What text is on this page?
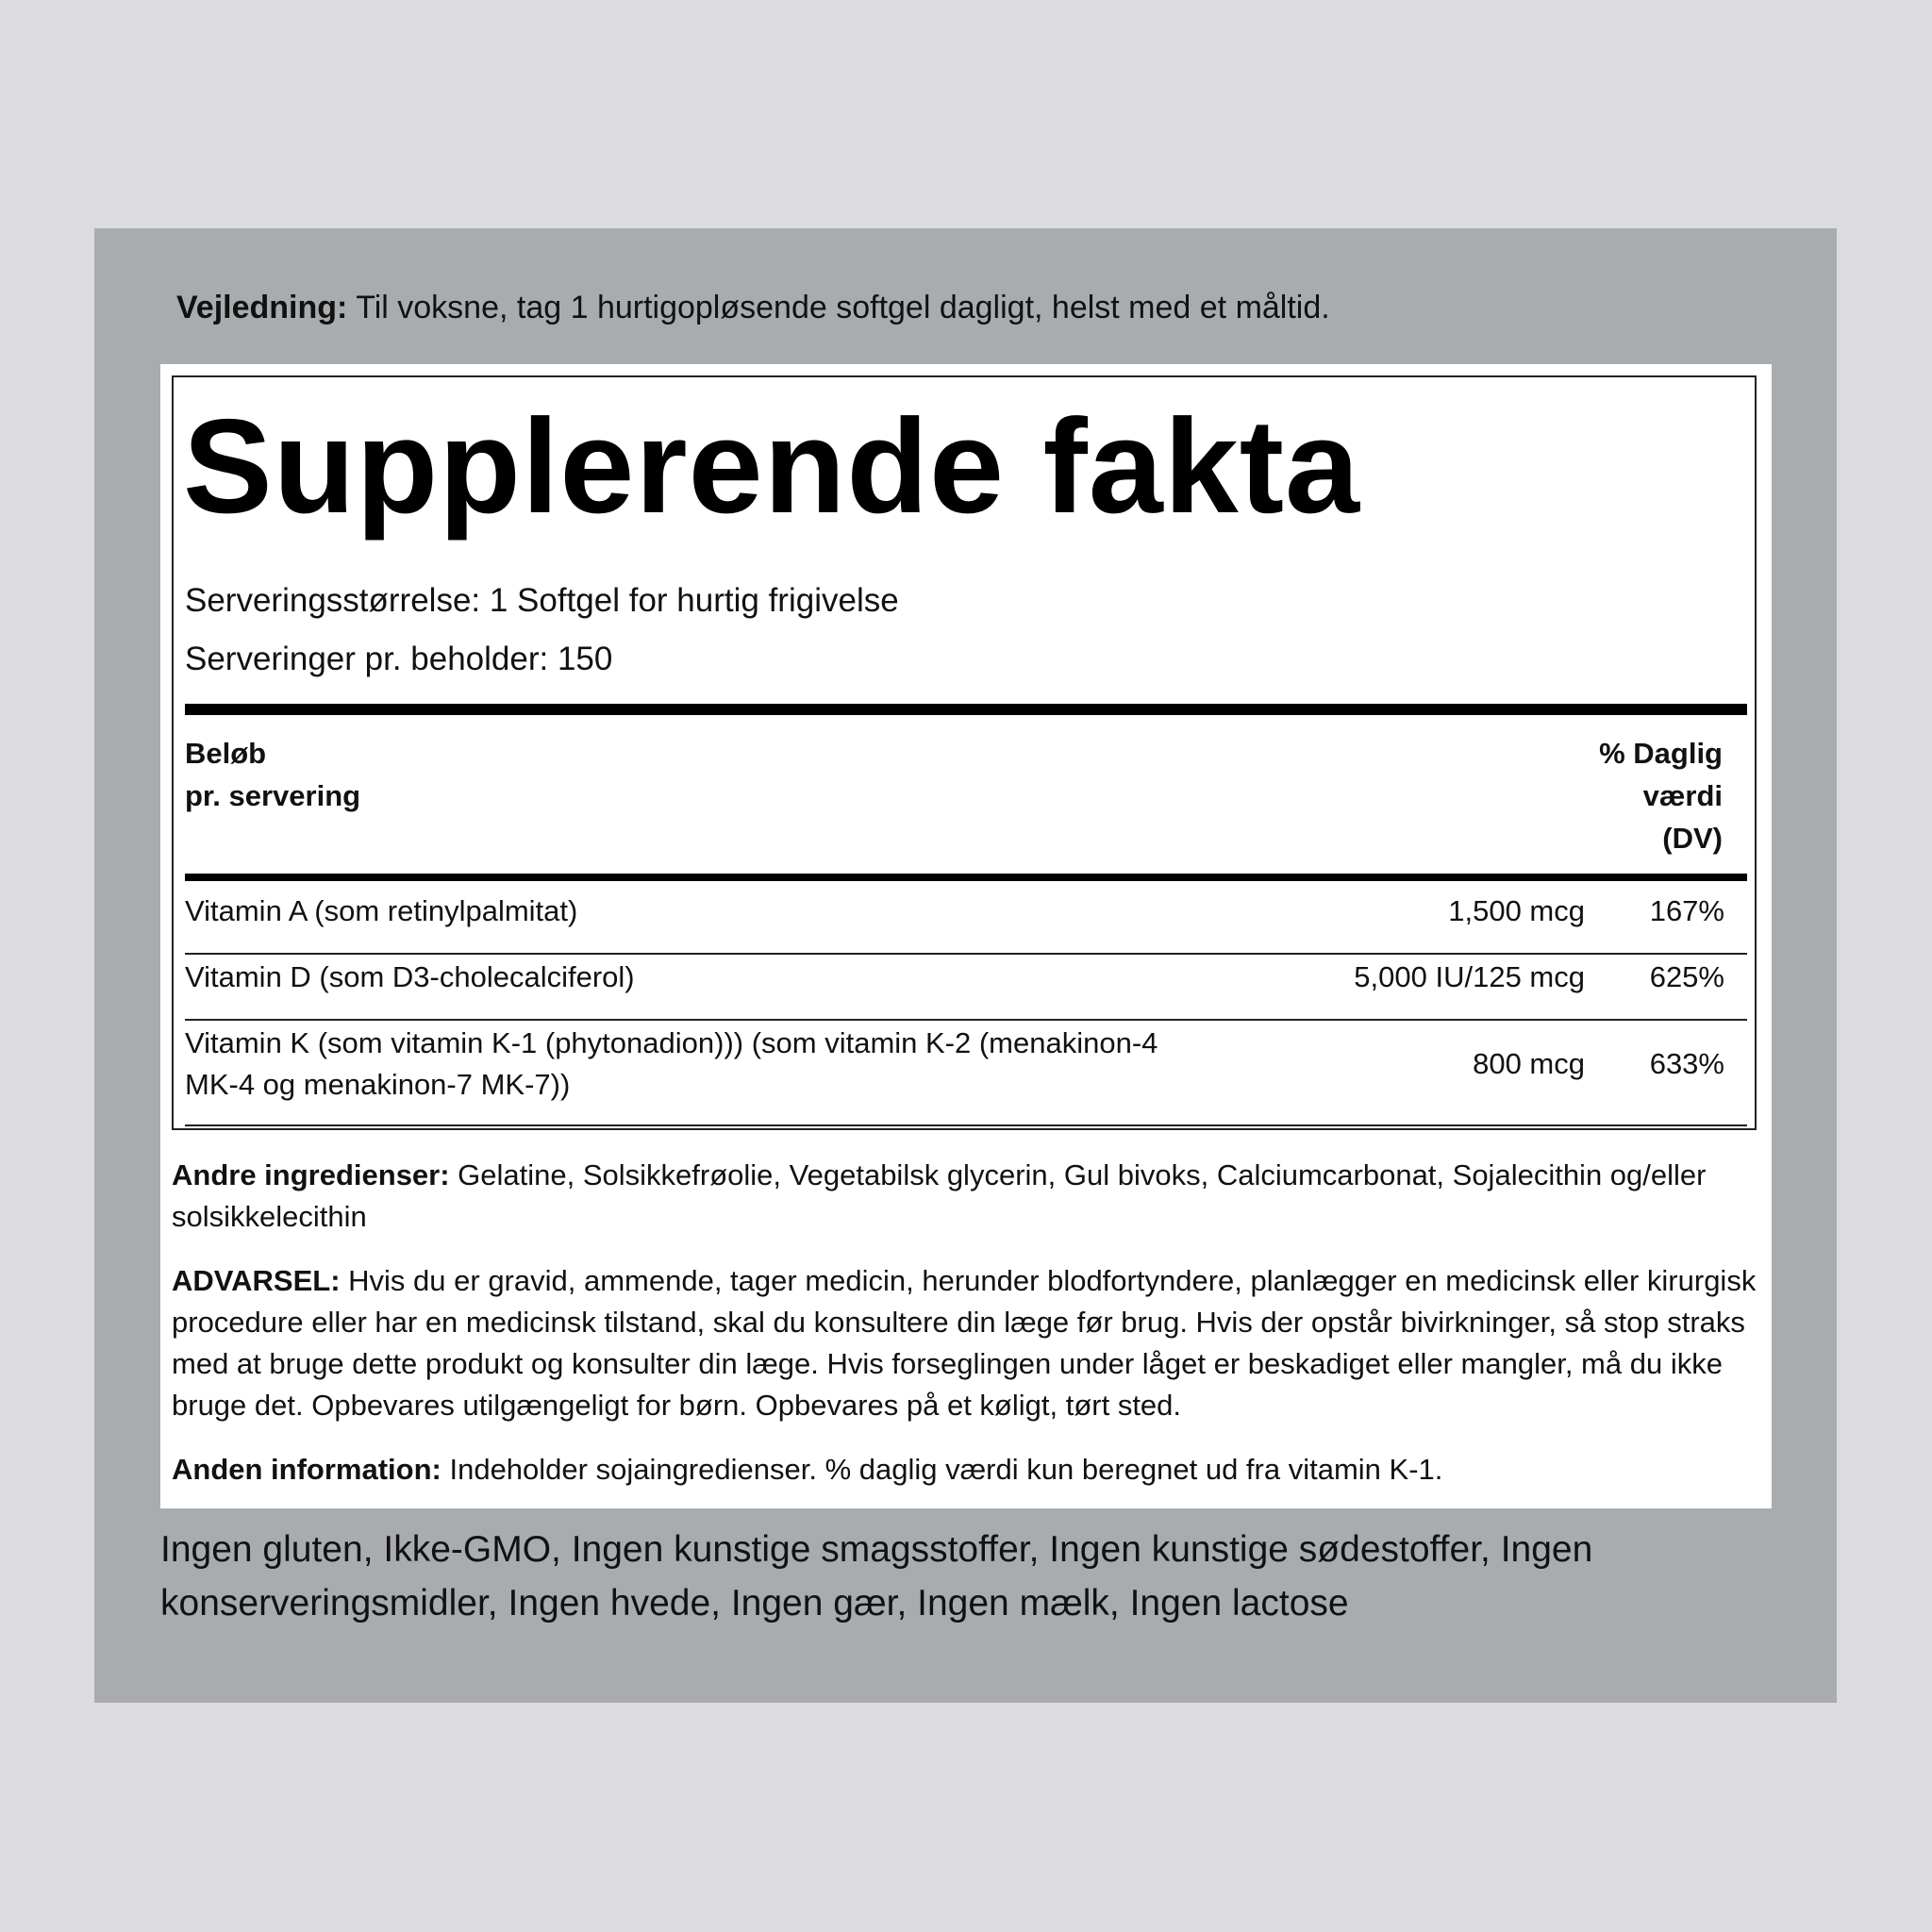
Vejledning: Til voksne, tag 1 hurtigopløsende softgel dagligt, helst med et måltid.
Supplerende fakta
Serveringsstørrelse: 1 Softgel for hurtig frigivelse
Serveringer pr. beholder: 150
Beløb
pr. servering
% Daglig
værdi
(DV)
Vitamin A (som retinylpalmitat)	1,500 mcg 167%
Vitamin D (som D3-cholecalciferol)	5,000 IU/125 mcg 625%
Vitamin K (som vitamin K-1 (phytonadion))) (som vitamin K-2 (menakinon-4
MK-4 og menakinon-7 MK-7))
800 mcg 633%
Andre ingredienser: Gelatine, Solsikkefrøolie, Vegetabilsk glycerin, Gul bivoks, Calciumcarbonat, Sojalecithin og/eller solsikkelecithin
ADVARSEL: Hvis du er gravid, ammende, tager medicin, herunder blodfortyndere, planlægger en medicinsk eller kirurgisk procedure eller har en medicinsk tilstand, skal du konsultere din læge før brug. Hvis der opstår bivirkninger, så stop straks med at bruge dette produkt og konsulter din læge. Hvis forseglingen under låget er beskadiget eller mangler, må du ikke bruge det. Opbevares utilgængeligt for børn. Opbevares på et køligt, tørt sted.
Anden information: Indeholder sojaingredienser. % daglig værdi kun beregnet ud fra vitamin K-1.
Ingen gluten, Ikke-GMO, Ingen kunstige smagsstoffer, Ingen kunstige sødestoffer, Ingen konserveringsmidler, Ingen hvede, Ingen gær, Ingen mælk, Ingen lactose
